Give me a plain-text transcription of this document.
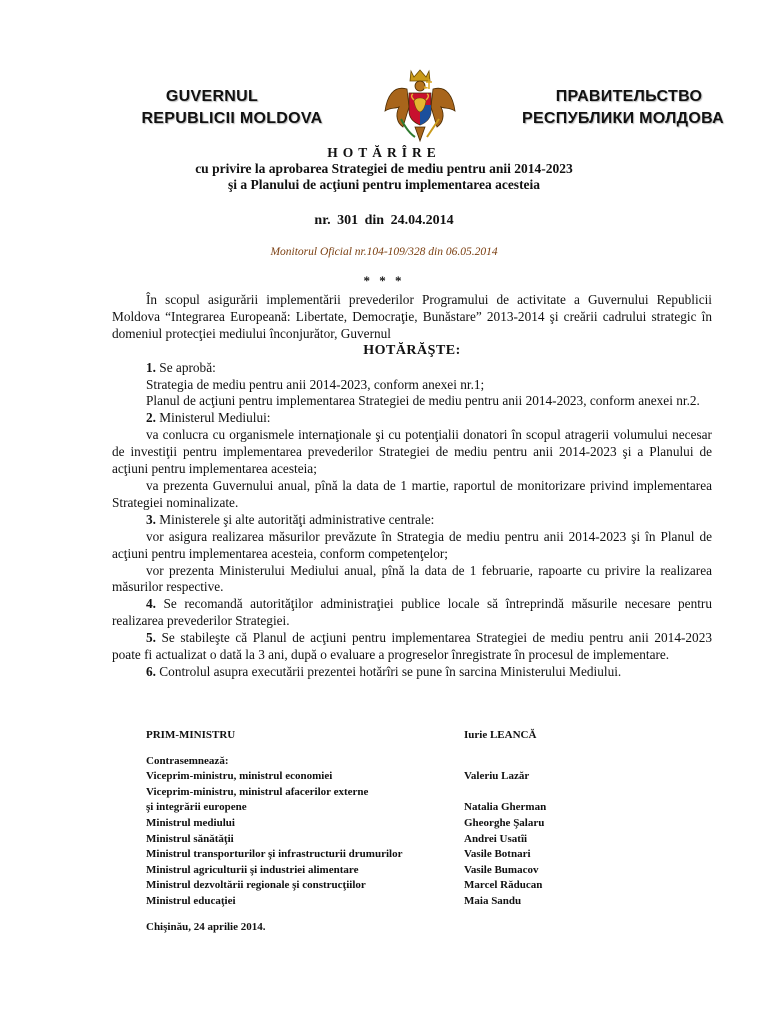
GUVERNUL
REPUBLICII MOLDOVA
ПРАВИТЕЛЬСТВО
РЕСПУБЛИКИ МОЛДОВА
HOTĂRÎRE
cu privire la aprobarea Strategiei de mediu pentru anii 2014-2023
şi a Planului de acţiuni pentru implementarea acesteia
nr. 301 din 24.04.2014
Monitorul Oficial nr.104-109/328 din 06.05.2014
* * *

În scopul asigurării implementării prevederilor Programului de activitate a Guvernului Republicii Moldova “Integrarea Europeană: Libertate, Democraţie, Bunăstare” 2013-2014 şi creării cadrului strategic în domeniul protecţiei mediului înconjurător, Guvernul

HOTĂRĂŞTE:

1. Se aprobă:

Strategia de mediu pentru anii 2014-2023, conform anexei nr.1;

Planul de acţiuni pentru implementarea Strategiei de mediu pentru anii 2014-2023, conform anexei nr.2.

2. Ministerul Mediului:

va conlucra cu organismele internaţionale şi cu potenţialii donatori în scopul atragerii volumului necesar de investiţii pentru implementarea prevederilor Strategiei de mediu pentru anii 2014-2023 şi a Planului de acţiuni pentru implementarea acesteia;

va prezenta Guvernului anual, pînă la data de 1 martie, raportul de monitorizare privind implementarea Strategiei nominalizate.

3. Ministerele şi alte autorităţi administrative centrale:

vor asigura realizarea măsurilor prevăzute în Strategia de mediu pentru anii 2014-2023 şi în Planul de acţiuni pentru implementarea acesteia, conform competenţelor;

vor prezenta Ministerului Mediului anual, pînă la data de 1 februarie, rapoarte cu privire la realizarea măsurilor respective.

4. Se recomandă autorităţilor administraţiei publice locale să întreprindă măsurile necesare pentru realizarea prevederilor Strategiei.

5. Se stabileşte că Planul de acţiuni pentru implementarea Strategiei de mediu pentru anii 2014-2023 poate fi actualizat o dată la 3 ani, după o evaluare a progreselor înregistrate în procesul de implementare.

6. Controlul asupra executării prezentei hotărîri se pune în sarcina Ministerului Mediului.

PRIM-MINISTRU	Iurie LEANCĂ
Contrasemnează:
Viceprim-ministru, ministrul economiei	Valeriu Lazăr
Viceprim-ministru, ministrul afacerilor externe
şi integrării europene	Natalia Gherman
Ministrul mediului	Gheorghe Şalaru
Ministrul sănătăţii	Andrei Usatîi
Ministrul transporturilor şi infrastructurii drumurilor	Vasile Botnari
Ministrul agriculturii şi industriei alimentare	Vasile Bumacov
Ministrul dezvoltării regionale şi construcţiilor	Marcel Răducan
Ministrul educaţiei	Maia Sandu
Chişinău, 24 aprilie 2014.
